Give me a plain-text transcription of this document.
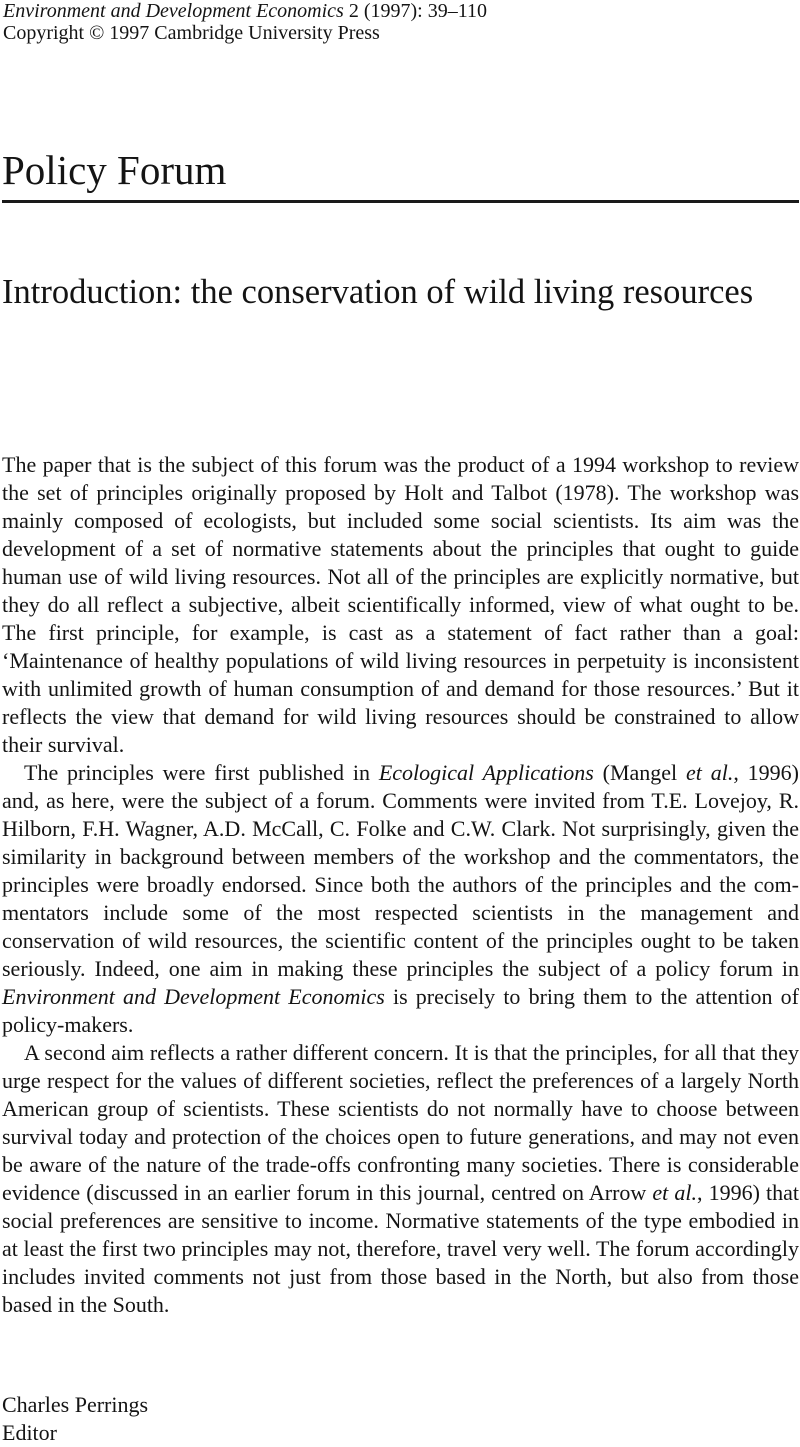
Environment and Development Economics 2 (1997): 39–110
Copyright © 1997 Cambridge University Press
Policy Forum
Introduction: the conservation of wild living resources

The paper that is the subject of this forum was the product of a 1994 workshop to review the set of principles originally proposed by Holt and Talbot (1978). The workshop was mainly composed of ecologists, but included some social scientists. Its aim was the development of a set of normative statements about the principles that ought to guide human use of wild living resources. Not all of the principles are explicitly normative, but they do all reflect a subjective, albeit scientifically informed, view of what ought to be. The first principle, for example, is cast as a statement of fact rather than a goal: ‘Maintenance of healthy populations of wild living resources in perpetuity is inconsistent with unlimited growth of human consumption of and demand for those resources.’ But it reflects the view that demand for wild living resources should be constrained to allow their survival.

The principles were first published in Ecological Applications (Mangel et al., 1996) and, as here, were the subject of a forum. Comments were invited from T.E. Lovejoy, R. Hilborn, F.H. Wagner, A.D. McCall, C. Folke and C.W. Clark. Not surprisingly, given the similarity in background between members of the workshop and the commentators, the principles were broadly endorsed. Since both the authors of the principles and the commentators include some of the most respected scientists in the management and conservation of wild resources, the scientific content of the principles ought to be taken seriously. Indeed, one aim in making these principles the subject of a policy forum in Environment and Development Economics is precisely to bring them to the attention of policy-makers.

A second aim reflects a rather different concern. It is that the principles, for all that they urge respect for the values of different societies, reflect the preferences of a largely North American group of scientists. These scientists do not normally have to choose between survival today and protection of the choices open to future generations, and may not even be aware of the nature of the trade-offs confronting many societies. There is considerable evidence (discussed in an earlier forum in this journal, centred on Arrow et al., 1996) that social preferences are sensitive to income. Normative statements of the type embodied in at least the first two principles may not, therefore, travel very well. The forum accordingly includes invited comments not just from those based in the North, but also from those based in the South.

Charles Perrings
Editor
